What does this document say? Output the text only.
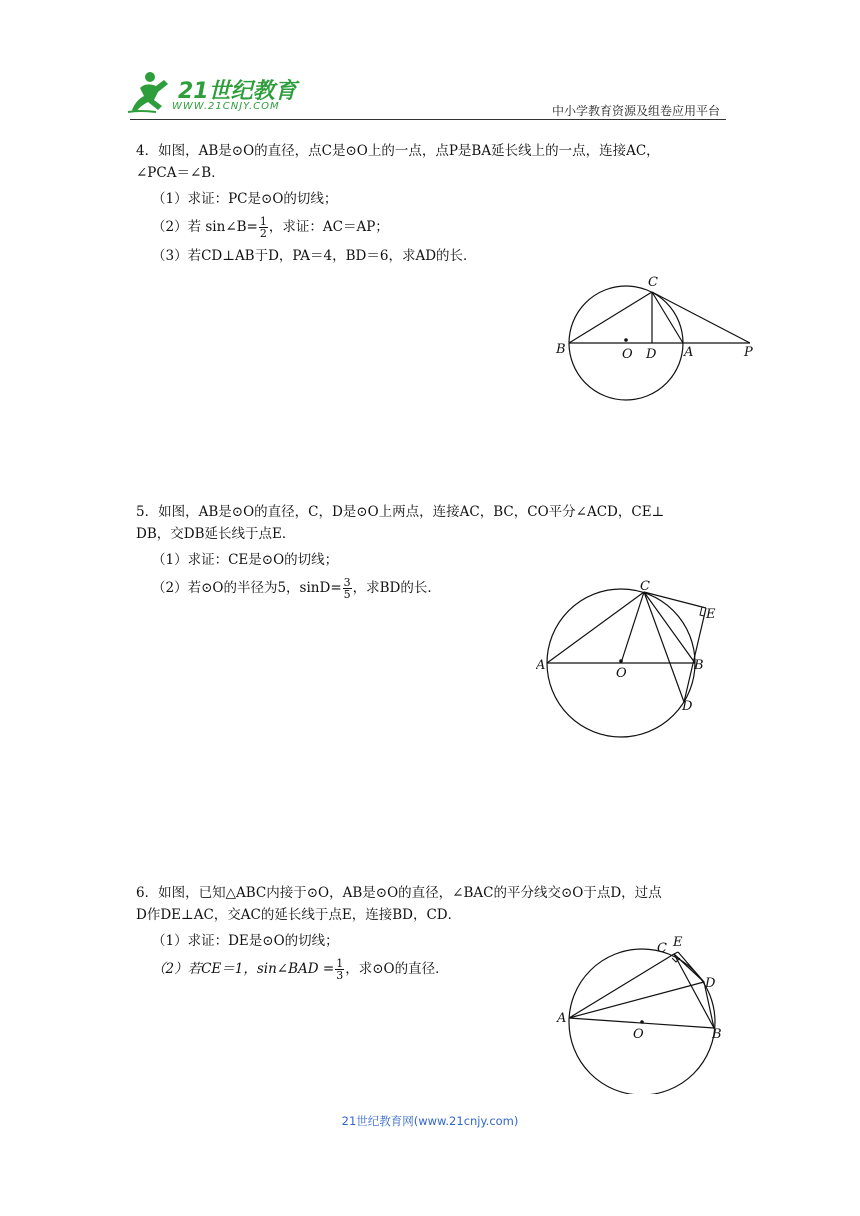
21世纪教育
WWW.21CNJY.COM	中小学教育资源及组卷应用平台

4．如图，AB是⊙O的直径，点C是⊙O上的一点，点P是BA延长线上的一点，连接AC，

∠PCA＝∠B．

（1）求证：PC是⊙O的切线；

（2）若 sin∠B= $\frac{1}{2}$ ，求证：AC＝AP；

（3）若CD⊥AB于D，PA＝4，BD＝6，求AD的长．

B	O D A	P
C

5．如图，AB是⊙O的直径，C，D是⊙O上两点，连接AC，BC，CO平分∠ACD，CE⊥

DB，交DB延长线于点E．

（1）求证：CE是⊙O的切线；

（2）若⊙O的半径为5，$\sin D= \frac{3}{5}$ ，求BD的长．

A
O
B
C
D
E

6．如图，已知△ABC内接于⊙O，AB是⊙O的直径，∠BAC的平分线交⊙O于点D，过点

D作DE⊥AC，交AC的延长线于点E，连接BD，CD．

（1）求证：DE是⊙O的切线；

（2）若CE＝1，sin∠BAD = $\frac{1}{3}$ ，求⊙O的直径．

A
O	B
C
D
E
21世纪教育网(www.21cnjy.com)
